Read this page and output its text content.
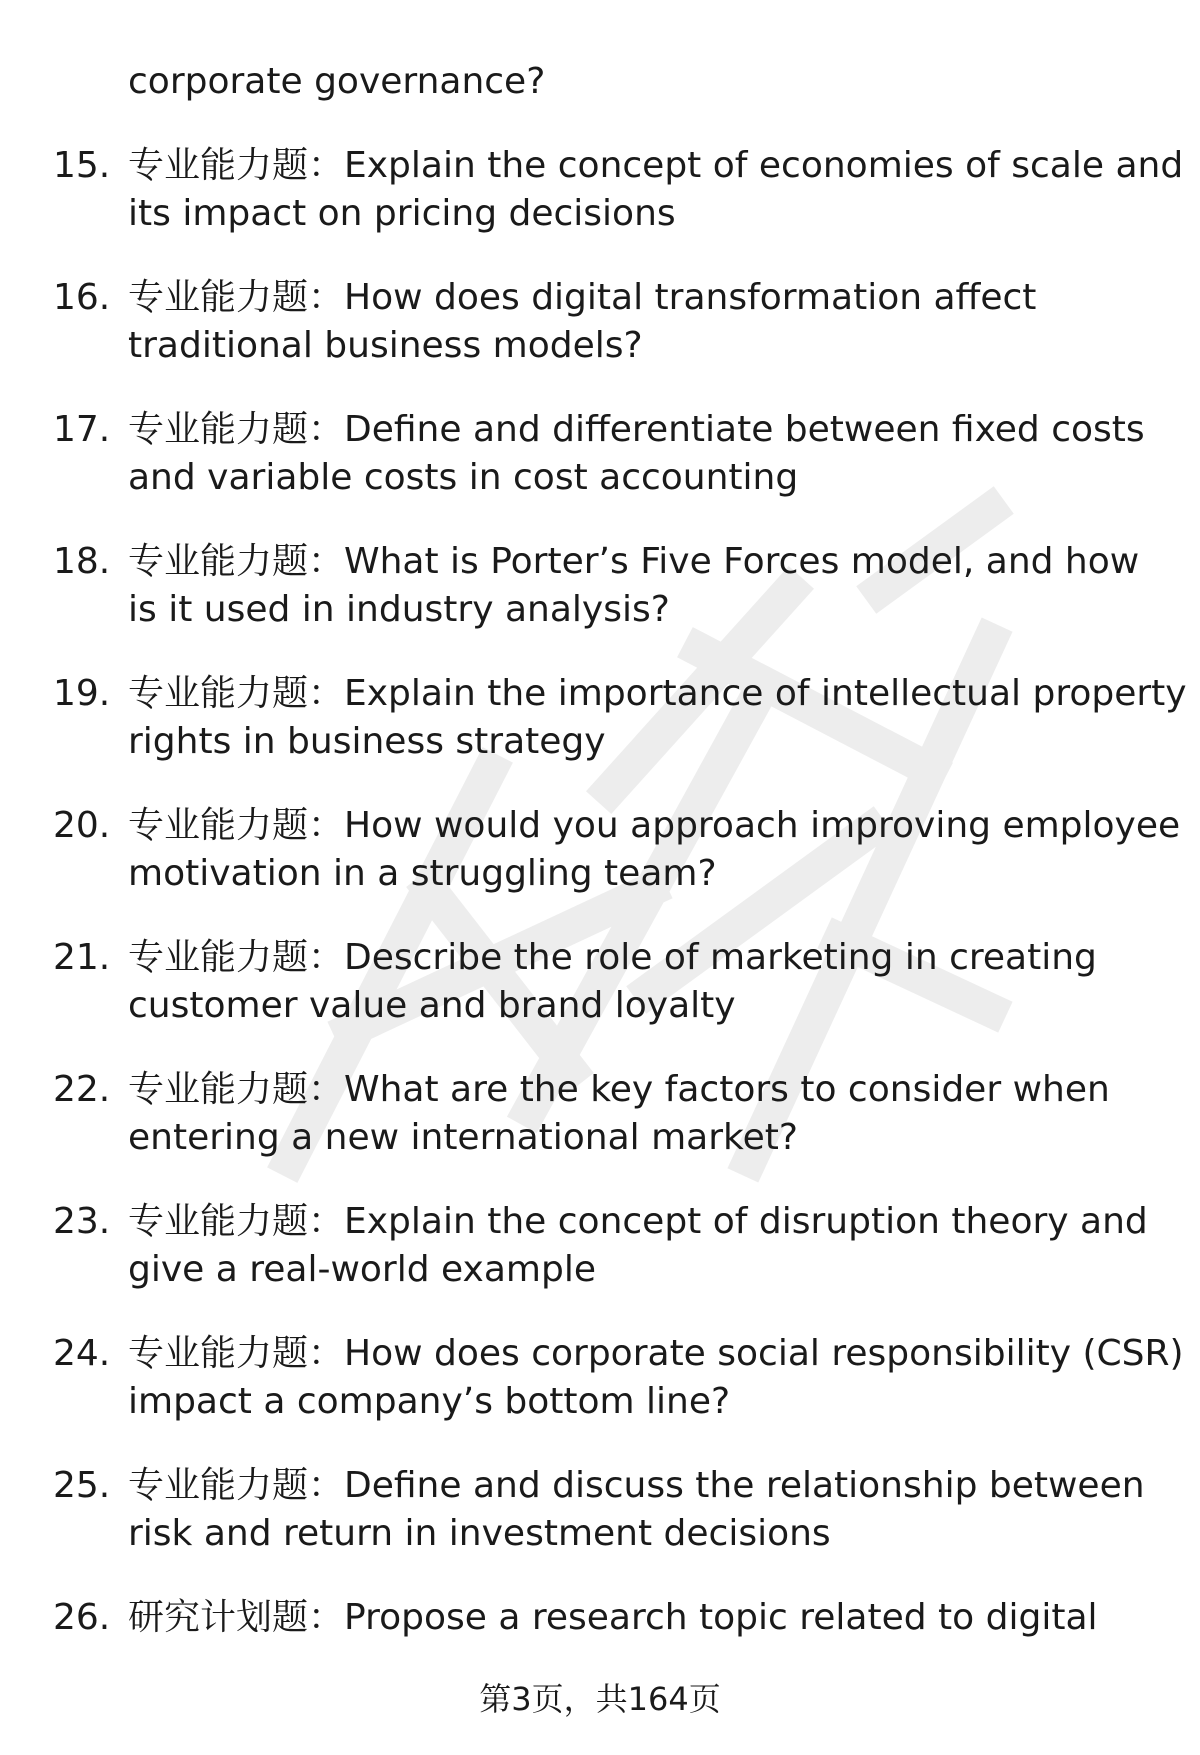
corporate governance?
15. 专业能力题：Explain the concept of economies of scale and
its impact on pricing decisions
16. 专业能力题：How does digital transformation affect
traditional business models?
17. 专业能力题：Define and differentiate between fixed costs
and variable costs in cost accounting
18. 专业能力题：What is Porter’s Five Forces model, and how
is it used in industry analysis?
19. 专业能力题：Explain the importance of intellectual property
rights in business strategy
20. 专业能力题：How would you approach improving employee
motivation in a struggling team?
21. 专业能力题：Describe the role of marketing in creating
customer value and brand loyalty
22. 专业能力题：What are the key factors to consider when
entering a new international market?
23. 专业能力题：Explain the concept of disruption theory and
give a real-world example
24. 专业能力题：How does corporate social responsibility (CSR)
impact a company’s bottom line?
25. 专业能力题：Define and discuss the relationship between
risk and return in investment decisions
26. 研究计划题：Propose a research topic related to digital
第3页，共164页
